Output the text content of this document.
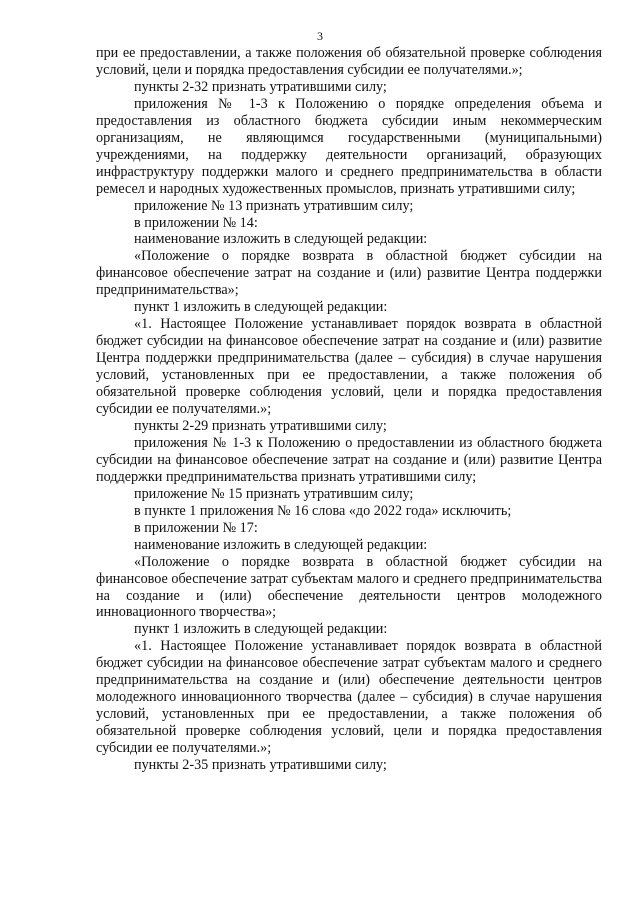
3

при ее предоставлении, а также положения об обязательной проверке соблюдения условий, цели и порядка предоставления субсидии ее получателями.»;

пункты 2-32 признать утратившими силу;

приложения № 1-3 к Положению о порядке определения объема и предоставления из областного бюджета субсидии иным некоммерческим организациям, не являющимся государственными (муниципальными) учреждениями, на поддержку деятельности организаций, образующих инфраструктуру поддержки малого и среднего предпринимательства в области ремесел и народных художественных промыслов, признать утратившими силу;

приложение № 13 признать утратившим силу;

в приложении № 14:

наименование изложить в следующей редакции:

«Положение о порядке возврата в областной бюджет субсидии на финансовое обеспечение затрат на создание и (или) развитие Центра поддержки предпринимательства»;

пункт 1 изложить в следующей редакции:

«1. Настоящее Положение устанавливает порядок возврата в областной бюджет субсидии на финансовое обеспечение затрат на создание и (или) развитие Центра поддержки предпринимательства (далее – субсидия) в случае нарушения условий, установленных при ее предоставлении, а также положения об обязательной проверке соблюдения условий, цели и порядка предоставления субсидии ее получателями.»;

пункты 2-29 признать утратившими силу;

приложения № 1-3 к Положению о предоставлении из областного бюджета субсидии на финансовое обеспечение затрат на создание и (или) развитие Центра поддержки предпринимательства признать утратившими силу;

приложение № 15 признать утратившим силу;

в пункте 1 приложения № 16 слова «до 2022 года» исключить;

в приложении № 17:

наименование изложить в следующей редакции:

«Положение о порядке возврата в областной бюджет субсидии на финансовое обеспечение затрат субъектам малого и среднего предпринимательства на создание и (или) обеспечение деятельности центров молодежного инновационного творчества»;

пункт 1 изложить в следующей редакции:

«1. Настоящее Положение устанавливает порядок возврата в областной бюджет субсидии на финансовое обеспечение затрат субъектам малого и среднего предпринимательства на создание и (или) обеспечение деятельности центров молодежного инновационного творчества (далее – субсидия) в случае нарушения условий, установленных при ее предоставлении, а также положения об обязательной проверке соблюдения условий, цели и порядка предоставления субсидии ее получателями.»;

пункты 2-35 признать утратившими силу;
